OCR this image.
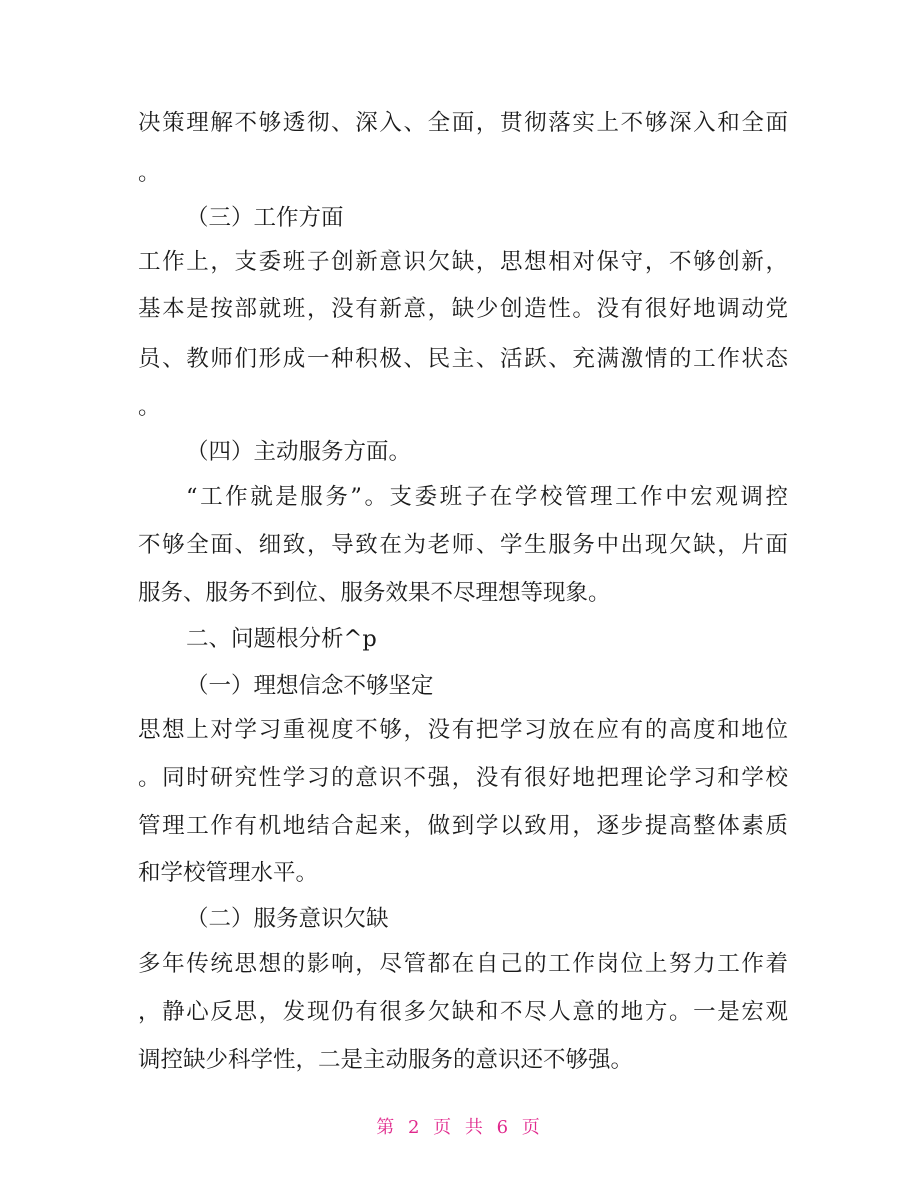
决策理解不够透彻、深入、全面，贯彻落实上不够深入和全面
。
（三）工作方面
工作上，支委班子创新意识欠缺，思想相对保守，不够创新，
基本是按部就班，没有新意，缺少创造性。没有很好地调动党
员、教师们形成一种积极、民主、活跃、充满激情的工作状态
。
（四）主动服务方面。
“工作就是服务”。支委班子在学校管理工作中宏观调控
不够全面、细致，导致在为老师、学生服务中出现欠缺，片面
服务、服务不到位、服务效果不尽理想等现象。
二、问题根分析^p
（一）理想信念不够坚定
思想上对学习重视度不够，没有把学习放在应有的高度和地位
。同时研究性学习的意识不强，没有很好地把理论学习和学校
管理工作有机地结合起来，做到学以致用，逐步提高整体素质
和学校管理水平。
（二）服务意识欠缺
多年传统思想的影响，尽管都在自己的工作岗位上努力工作着
，静心反思，发现仍有很多欠缺和不尽人意的地方。一是宏观
调控缺少科学性，二是主动服务的意识还不够强。
第 2 页 共 6 页
